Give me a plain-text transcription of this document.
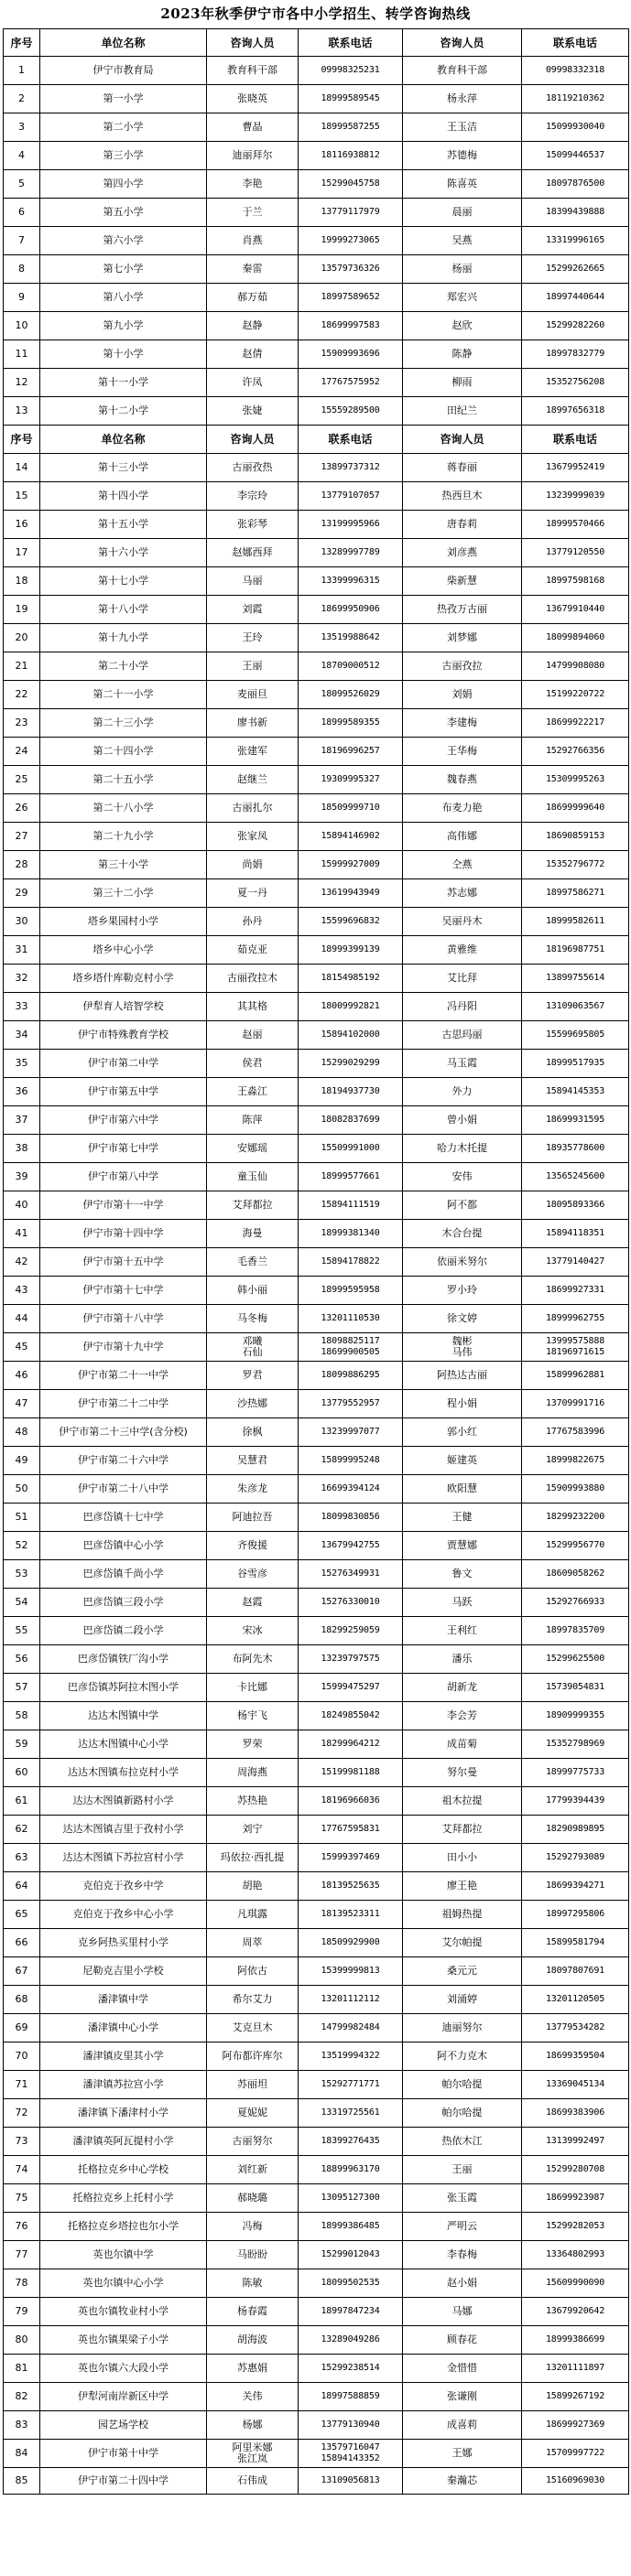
2023年秋季伊宁市各中小学招生、转学咨询热线
序号	单位名称	咨询人员	联系电话	咨询人员	联系电话
1	伊宁市教育局	教育科干部	09998325231	教育科干部	09998332318
2	第一小学	张晓英	18999589545	杨永萍	18119210362
3	第二小学	曹晶	18999587255	王玉洁	15099930040
4	第三小学	迪丽拜尔	18116938812	苏德梅	15099446537
5	第四小学	李艳	15299045758	陈喜英	18097876500
6	第五小学	于兰	13779117979	晨丽	18399439888
7	第六小学	肖燕	19999273065	吴燕	13319996165
8	第七小学	秦雷	13579736326	杨丽	15299262665
9	第八小学	郝万茹	18997589652	郑宏兴	18997440644
10	第九小学	赵静	18699997583	赵欣	15299282260
11	第十小学	赵倩	15909993696	陈静	18997832779
12	第十一小学	许凤	17767575952	柳雨	15352756208
13	第十二小学	张婕	15559289500	田纪兰	18997656318
序号	单位名称	咨询人员	联系电话	咨询人员	联系电话
14	第十三小学	古丽孜热	13899737312	蒋春丽	13679952419
15	第十四小学	李宗玲	13779107057	热西旦木	13239999039
16	第十五小学	张彩琴	13199995966	唐春莉	18999570466
17	第十六小学	赵娜西拜	13289997789	刘彦燕	13779120550
18	第十七小学	马丽	13399996315	柴新慧	18997598168
19	第十八小学	刘霞	18699950906	热孜万古丽	13679910440
20	第十九小学	王玲	13519988642	刘梦娜	18099894060
21	第二十小学	王丽	18709000512	古丽孜拉	14799908080
22	第二十一小学	麦丽旦	18099526029	刘娟	15199220722
23	第二十三小学	廖书新	18999589355	李建梅	18699922217
24	第二十四小学	张建军	18196996257	王华梅	15292766356
25	第二十五小学	赵继兰	19309995327	魏春燕	15309995263
26	第二十八小学	古丽扎尔	18509999710	布麦力艳	18699999640
27	第二十九小学	张家凤	15894146902	高伟娜	18690859153
28	第三十小学	尚娟	15999927009	仝燕	15352796772
29	第三十二小学	夏一丹	13619943949	苏志娜	18997586271
30	塔乡果园村小学	孙丹	15599696832	吴丽丹木	18999582611
31	塔乡中心小学	茹克亚	18999399139	黄雅维	18196987751
32	塔乡塔什库勒克村小学	古丽孜拉木	18154985192	艾比拜	13899755614
33	伊犁育人培智学校	其其格	18009992821	冯丹阳	13109063567
34	伊宁市特殊教育学校	赵丽	15894102000	古思玛丽	15599695805
35	伊宁市第二中学	侯君	15299029299	马玉霞	18999517935
36	伊宁市第五中学	王淼江	18194937730	外力	15894145353
37	伊宁市第六中学	陈萍	18082837699	曾小娟	18699931595
38	伊宁市第七中学	安娜瑶	15509991000	哈力木托提	18935778600
39	伊宁市第八中学	童玉仙	18999577661	安伟	13565245600
40	伊宁市第十一中学	艾拜都拉	15894111519	阿不都	18095893366
41	伊宁市第十四中学	海曼	18999381340	木合台提	15894118351
42	伊宁市第十五中学	毛香兰	15894178822	依丽米努尔	13779140427
43	伊宁市第十七中学	韩小丽	18999595958	罗小玲	18699927331
44	伊宁市第十八中学	马冬梅	13201110530	徐文婷	18999962755
45	伊宁市第十九中学	邓曦
石仙	18098825117
18699900505	魏彬
马伟	13999575888
18196971615

46	伊宁市第二十一中学	罗君	18099886295	阿热达古丽	15899962881
47	伊宁市第二十二中学	沙热娜	13779552957	程小娟	13709991716
48	伊宁市第二十三中学(含分校)	徐枫	13239997077	郭小红	17767583996
49	伊宁市第二十六中学	吴慧君	15899995248	姬建英	18999822675
50	伊宁市第二十八中学	朱彦龙	16699394124	欧阳慧	15909993880
51	巴彦岱镇十七中学	阿迪拉吾	18099830856	王健	18299232200
52	巴彦岱镇中心小学	齐俊援	13679942755	贾慧娜	15299956770
53	巴彦岱镇千尚小学	谷雪彦	15276349931	鲁文	18609058262
54	巴彦岱镇三段小学	赵霞	15276330010	马跃	15292766933
55	巴彦岱镇二段小学	宋冰	18299259059	王利红	18997835709
56	巴彦岱镇铁厂沟小学	布阿先木	13239797575	潘乐	15299625500
57	巴彦岱镇苏阿拉木图小学	卡比娜	15999475297	胡新龙	15739054831
58	达达木图镇中学	杨宇飞	18249855042	李会芳	18909999355
59	达达木图镇中心小学	罗荣	18299964212	成苗菊	15352798969
60	达达木图镇布拉克村小学	周海燕	15199981188	努尔曼	18999775733
61	达达木图镇新路村小学	苏热艳	18196966036	祖木拉提	17799394439
62	达达木图镇吉里于孜村小学	刘宁	17767595831	艾拜都拉	18290989895
63	达达木图镇下苏拉宫村小学	玛依拉·西扎提	15999397469	田小小	15292793089
64	克伯克于孜乡中学	胡艳	18139525635	廖王艳	18699394271
65	克伯克于孜乡中心小学	凡琪露	18139523311	祖姆热提	18997295806
66	克乡阿热买里村小学	周萃	18509929900	艾尔帕提	15899581794
67	尼勒克吉里小学校	阿依古	15399999813	桑元元	18097807691
68	潘津镇中学	希尔艾力	13201112112	刘涌婷	13201120505
69	潘津镇中心小学	艾克旦木	14799982484	迪丽努尔	13779534282
70	潘津镇皮里其小学	阿布都许库尔	13519994322	阿不力克木	18699359504
71	潘津镇苏拉宫小学	苏丽坦	15292771771	帕尔哈提	13369045134
72	潘津镇下潘津村小学	夏妮妮	13319725561	帕尔哈提	18699383906
73	潘津镇英阿瓦提村小学	古丽努尔	18399276435	热依木江	13139992497
74	托格拉克乡中心学校	刘红新	18899963170	王丽	15299280708
75	托格拉克乡上托村小学	郝晓璐	13095127300	张玉霞	18699923987
76	托格拉克乡塔拉也尔小学	冯梅	18999386485	严明云	15299282053
77	英也尔镇中学	马盼盼	15299012043	李春梅	13364802993
78	英也尔镇中心小学	陈敏	18099502535	赵小娟	15609990090
79	英也尔镇牧业村小学	杨春霞	18997847234	马娜	13679920642
80	英也尔镇果梁子小学	胡海波	13289049286	顾春花	18999386699
81	英也尔镇六大段小学	苏惠娟	15299238514	金惜惜	13201111897
82	伊犁河南岸新区中学	关伟	18997588859	张谦刚	15899267192
83	园艺场学校	杨娜	13779130940	成喜莉	18699927369
84	伊宁市第十中学	阿里米娜
张江岚	13579716047
15894143352	王娜	15709997722
85	伊宁市第二十四中学	石伟成	13109056813	秦瀚芯	15160969030
